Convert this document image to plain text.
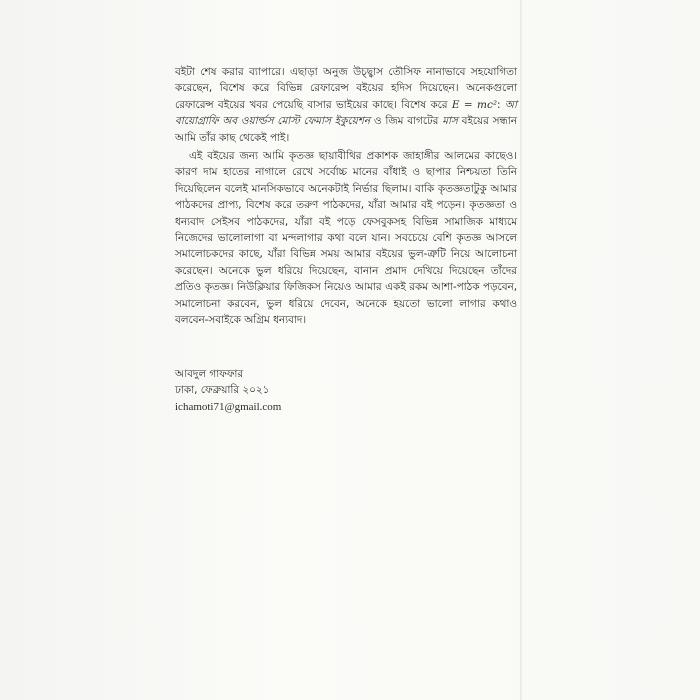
বইটা শেষ করার ব্যাপারে। এছাড়া অনুজ উচ্ছ্বাস তৌসিফ নানাভাবে সহযোগিতা করেছেন, বিশেষ করে বিভিন্ন রেফারেন্স বইয়ের হদিস দিয়েছেন। অনেকগুলো রেফারেন্স বইয়ের খবর পেয়েছি বাসার ভাইয়ের কাছে। বিশেষ করে E = mc²: আ বায়োগ্রাফি অব ওয়ার্ল্ডস মোস্ট ফেমাস ইকুয়েশন ও জিম বাগটের মাস বইয়ের সন্ধান আমি তাঁর কাছ থেকেই পাই।

এই বইয়ের জন্য আমি কৃতজ্ঞ ছায়াবীথির প্রকাশক জাহাঙ্গীর আলমের কাছেও। কারণ দাম হাতের নাগালে রেখে সর্বোচ্চ মানের বাঁধাই ও ছাপার নিশ্চয়তা তিনি দিয়েছিলেন বলেই মানসিকভাবে অনেকটাই নির্ভার ছিলাম। বাকি কৃতজ্ঞতাটুকু আমার পাঠকদের প্রাপ্য, বিশেষ করে তরুণ পাঠকদের, যাঁরা আমার বই পড়েন। কৃতজ্ঞতা ও ধন্যবাদ সেইসব পাঠকদের, যাঁরা বই পড়ে ফেসবুকসহ বিভিন্ন সামাজিক মাধ্যমে নিজেদের ভালোলাগা বা মন্দলাগার কথা বলে যান। সবচেয়ে বেশি কৃতজ্ঞ আসলে সমালোচকদের কাছে, যাঁরা বিভিন্ন সময় আমার বইয়ের ভুল-ত্রুটি নিয়ে আলোচনা করেছেন। অনেকে ভুল ধরিয়ে দিয়েছেন, বানান প্রমাদ দেখিয়ে দিয়েছেন তাঁদের প্রতিও কৃতজ্ঞ। নিউক্লিয়ার ফিজিকস নিয়েও আমার একই রকম আশা-পাঠক পড়বেন, সমালোচনা করবেন, ভুল ধরিয়ে দেবেন, অনেকে হয়তো ভালো লাগার কথাও বলবেন-সবাইকে অগ্রিম ধন্যবাদ।

আবদুল গাফফার
ঢাকা, ফেব্রুয়ারি ২০২১
ichamoti71@gmail.com
